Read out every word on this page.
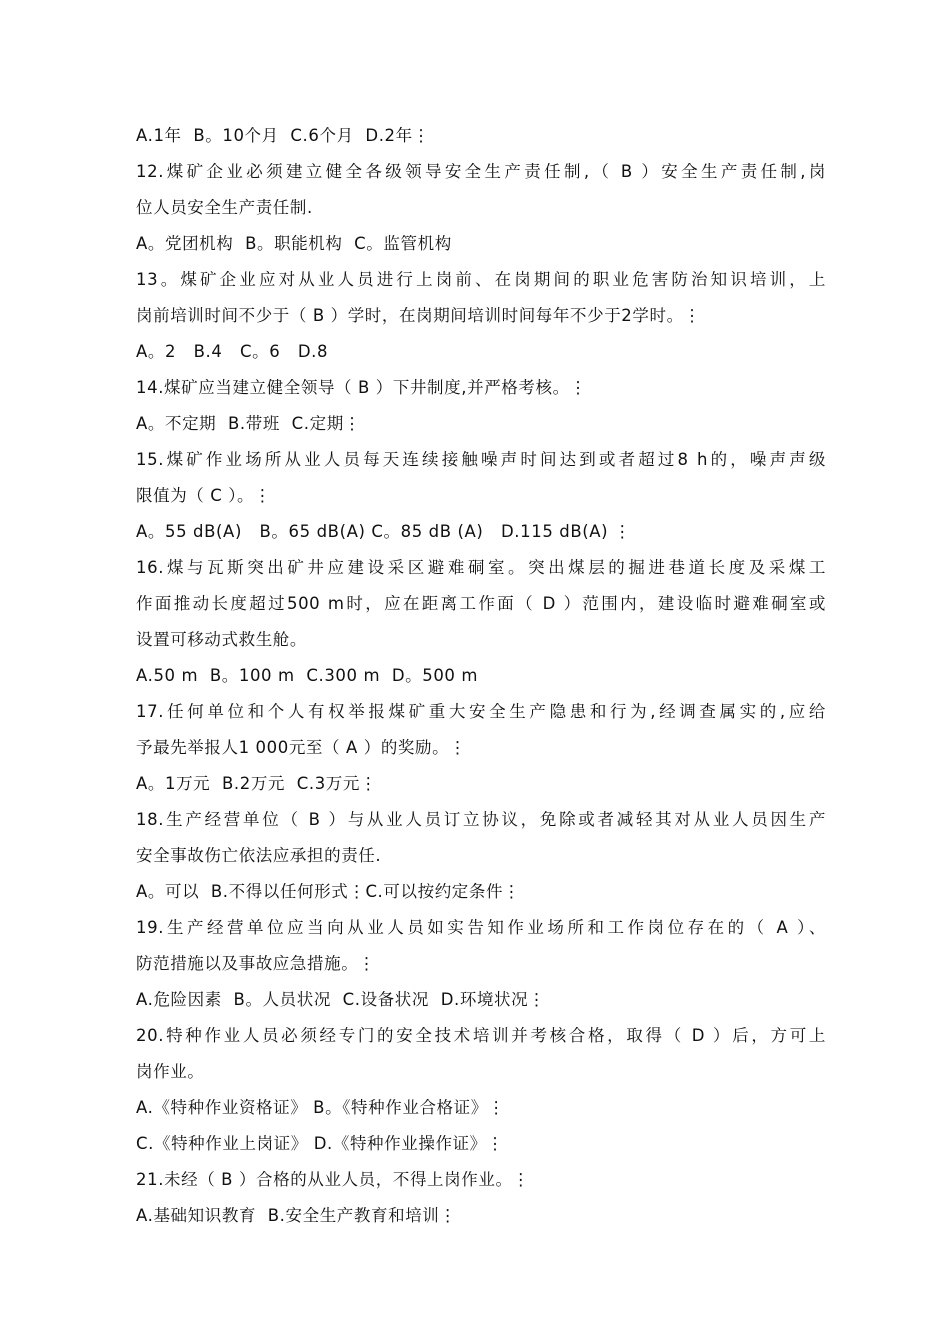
A.1年  B。10个月  C.6个月  D.2年⋮
12.煤矿企业必须建立健全各级领导安全生产责任制,（ B ）安全生产责任制,岗
位人员安全生产责任制.
A。党团机构  B。职能机构  C。监管机构
13。煤矿企业应对从业人员进行上岗前、在岗期间的职业危害防治知识培训，上
岗前培训时间不少于（ B ）学时，在岗期间培训时间每年不少于2学时。⋮
A。2   B.4   C。6   D.8
14.煤矿应当建立健全领导（ B ）下井制度,并严格考核。⋮
A。不定期  B.带班  C.定期⋮
15.煤矿作业场所从业人员每天连续接触噪声时间达到或者超过8 h的，噪声声级
限值为（ C ）。⋮
A。55 dB(A)   B。65 dB(A) C。85 dB (A)   D.115 dB(A) ⋮
16.煤与瓦斯突出矿井应建设采区避难硐室。突出煤层的掘进巷道长度及采煤工
作面推动长度超过500 m时，应在距离工作面（ D ）范围内，建设临时避难硐室或
设置可移动式救生舱。
A.50 m  B。100 m  C.300 m  D。500 m
17.任何单位和个人有权举报煤矿重大安全生产隐患和行为,经调查属实的,应给
予最先举报人1 000元至（ A ）的奖励。⋮
A。1万元  B.2万元  C.3万元⋮
18.生产经营单位（ B ）与从业人员订立协议，免除或者减轻其对从业人员因生产
安全事故伤亡依法应承担的责任.
A。可以  B.不得以任何形式⋮C.可以按约定条件⋮
19.生产经营单位应当向从业人员如实告知作业场所和工作岗位存在的（ A ）、
防范措施以及事故应急措施。⋮
A.危险因素  B。人员状况  C.设备状况  D.环境状况⋮
20.特种作业人员必须经专门的安全技术培训并考核合格，取得（ D ）后，方可上
岗作业。
A.《特种作业资格证》 B。《特种作业合格证》⋮
C.《特种作业上岗证》 D.《特种作业操作证》⋮
21.未经（ B ）合格的从业人员，不得上岗作业。⋮
A.基础知识教育  B.安全生产教育和培训⋮
